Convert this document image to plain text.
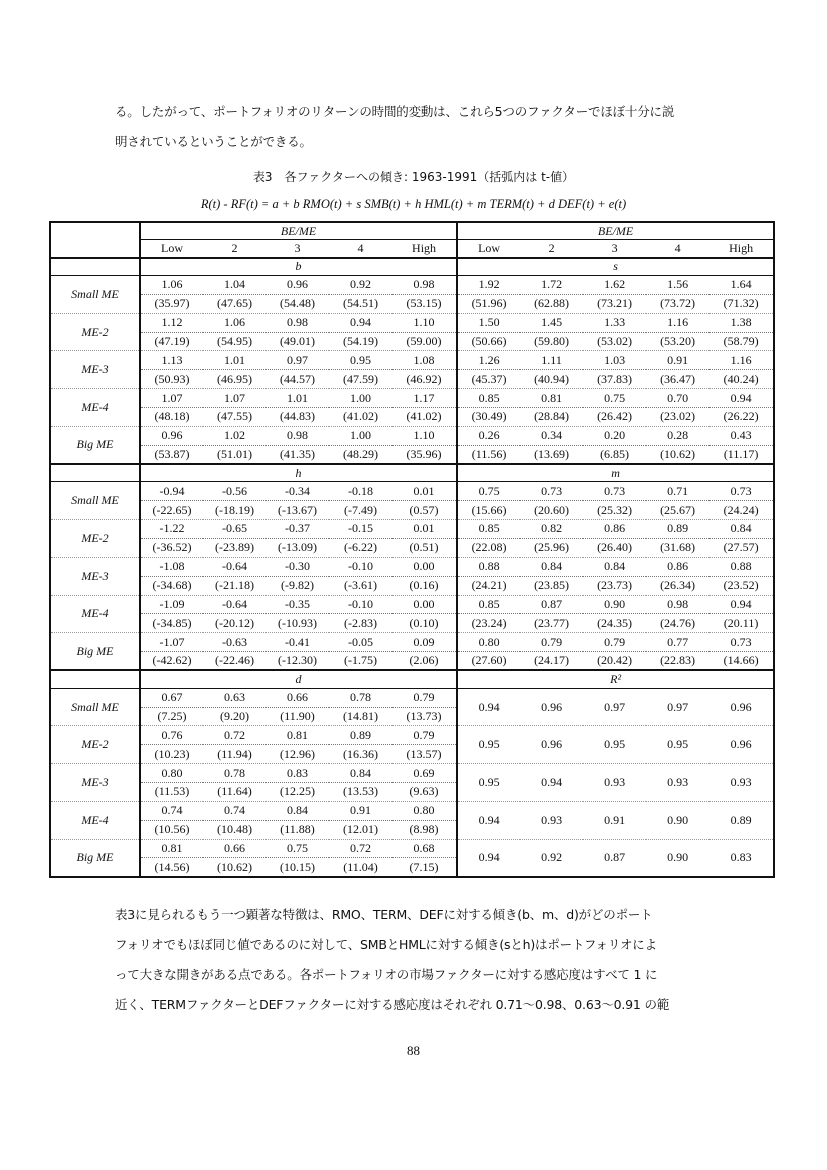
る。したがって、ポートフォリオのリターンの時間的変動は、これら5つのファクターでほぼ十分に説

明されているということができる。

表3　各ファクターへの傾き: 1963-1991（括弧内は t-値）
R(t) - RF(t) = a + b RMO(t) + s SMB(t) + h HML(t) + m TERM(t) + d DEF(t) + e(t)
	BE/ME					BE/ME				
	Low	2	3	4	High	Low	2	3	4	High
	b					s				
Small ME	1.06	1.04	0.96	0.92	0.98	1.92	1.72	1.62	1.56	1.64
	(35.97)	(47.65)	(54.48)	(54.51)	(53.15)	(51.96)	(62.88)	(73.21)	(73.72)	(71.32)
ME-2	1.12	1.06	0.98	0.94	1.10	1.50	1.45	1.33	1.16	1.38
	(47.19)	(54.95)	(49.01)	(54.19)	(59.00)	(50.66)	(59.80)	(53.02)	(53.20)	(58.79)
ME-3	1.13	1.01	0.97	0.95	1.08	1.26	1.11	1.03	0.91	1.16
	(50.93)	(46.95)	(44.57)	(47.59)	(46.92)	(45.37)	(40.94)	(37.83)	(36.47)	(40.24)
ME-4	1.07	1.07	1.01	1.00	1.17	0.85	0.81	0.75	0.70	0.94
	(48.18)	(47.55)	(44.83)	(41.02)	(41.02)	(30.49)	(28.84)	(26.42)	(23.02)	(26.22)
Big ME	0.96	1.02	0.98	1.00	1.10	0.26	0.34	0.20	0.28	0.43
	(53.87)	(51.01)	(41.35)	(48.29)	(35.96)	(11.56)	(13.69)	(6.85)	(10.62)	(11.17)
	h					m				
Small ME	-0.94	-0.56	-0.34	-0.18	0.01	0.75	0.73	0.73	0.71	0.73
	(-22.65)	(-18.19)	(-13.67)	(-7.49)	(0.57)	(15.66)	(20.60)	(25.32)	(25.67)	(24.24)
ME-2	-1.22	-0.65	-0.37	-0.15	0.01	0.85	0.82	0.86	0.89	0.84
	(-36.52)	(-23.89)	(-13.09)	(-6.22)	(0.51)	(22.08)	(25.96)	(26.40)	(31.68)	(27.57)
ME-3	-1.08	-0.64	-0.30	-0.10	0.00	0.88	0.84	0.84	0.86	0.88
	(-34.68)	(-21.18)	(-9.82)	(-3.61)	(0.16)	(24.21)	(23.85)	(23.73)	(26.34)	(23.52)
ME-4	-1.09	-0.64	-0.35	-0.10	0.00	0.85	0.87	0.90	0.98	0.94
	(-34.85)	(-20.12)	(-10.93)	(-2.83)	(0.10)	(23.24)	(23.77)	(24.35)	(24.76)	(20.11)
Big ME	-1.07	-0.63	-0.41	-0.05	0.09	0.80	0.79	0.79	0.77	0.73
	(-42.62)	(-22.46)	(-12.30)	(-1.75)	(2.06)	(27.60)	(24.17)	(20.42)	(22.83)	(14.66)
	d					R²				
Small ME	0.67	0.63	0.66	0.78	0.79	0.94	0.96	0.97	0.97	0.96
	(7.25)	(9.20)	(11.90)	(14.81)	(13.73)					
ME-2	0.76	0.72	0.81	0.89	0.79	0.95	0.96	0.95	0.95	0.96
	(10.23)	(11.94)	(12.96)	(16.36)	(13.57)					
ME-3	0.80	0.78	0.83	0.84	0.69	0.95	0.94	0.93	0.93	0.93
	(11.53)	(11.64)	(12.25)	(13.53)	(9.63)					
ME-4	0.74	0.74	0.84	0.91	0.80	0.94	0.93	0.91	0.90	0.89
	(10.56)	(10.48)	(11.88)	(12.01)	(8.98)					
Big ME	0.81	0.66	0.75	0.72	0.68	0.94	0.92	0.87	0.90	0.83
	(14.56)	(10.62)	(10.15)	(11.04)	(7.15)					
88

表3に見られるもう一つ顕著な特徴は、RMO、TERM、DEFに対する傾き(b、m、d)がどのポート

フォリオでもほぼ同じ値であるのに対して、SMBとHMLに対する傾き(sとh)はポートフォリオによ

って大きな開きがある点である。各ポートフォリオの市場ファクターに対する感応度はすべて 1 に

近く、TERMファクターとDEFファクターに対する感応度はそれぞれ 0.71〜0.98、0.63〜0.91 の範
